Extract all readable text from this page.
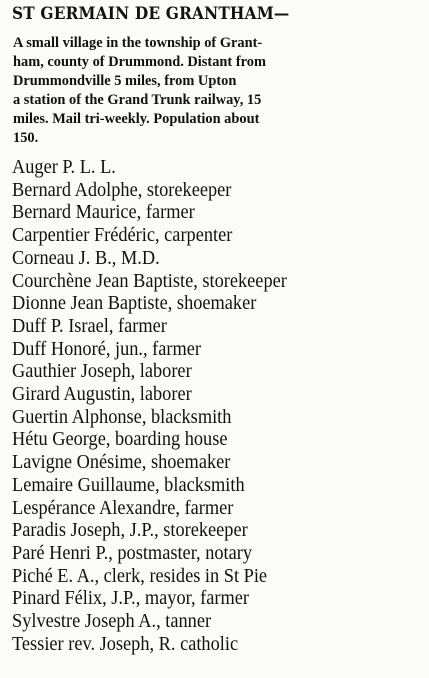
ST GERMAIN DE GRANTHAM—
A small village in the township of Grant-
ham, county of Drummond. Distant from
Drummondville 5 miles, from Upton
a station of the Grand Trunk railway, 15
miles. Mail tri-weekly. Population about
150.
Auger P. L. L.
Bernard Adolphe, storekeeper
Bernard Maurice, farmer
Carpentier Frédéric, carpenter
Corneau J. B., M.D.
Courchène Jean Baptiste, storekeeper
Dionne Jean Baptiste, shoemaker
Duff P. Israel, farmer
Duff Honoré, jun., farmer
Gauthier Joseph, laborer
Girard Augustin, laborer
Guertin Alphonse, blacksmith
Hétu George, boarding house
Lavigne Onésime, shoemaker
Lemaire Guillaume, blacksmith
Lespérance Alexandre, farmer
Paradis Joseph, J.P., storekeeper
Paré Henri P., postmaster, notary
Piché E. A., clerk, resides in St Pie
Pinard Félix, J.P., mayor, farmer
Sylvestre Joseph A., tanner
Tessier rev. Joseph, R. catholic
